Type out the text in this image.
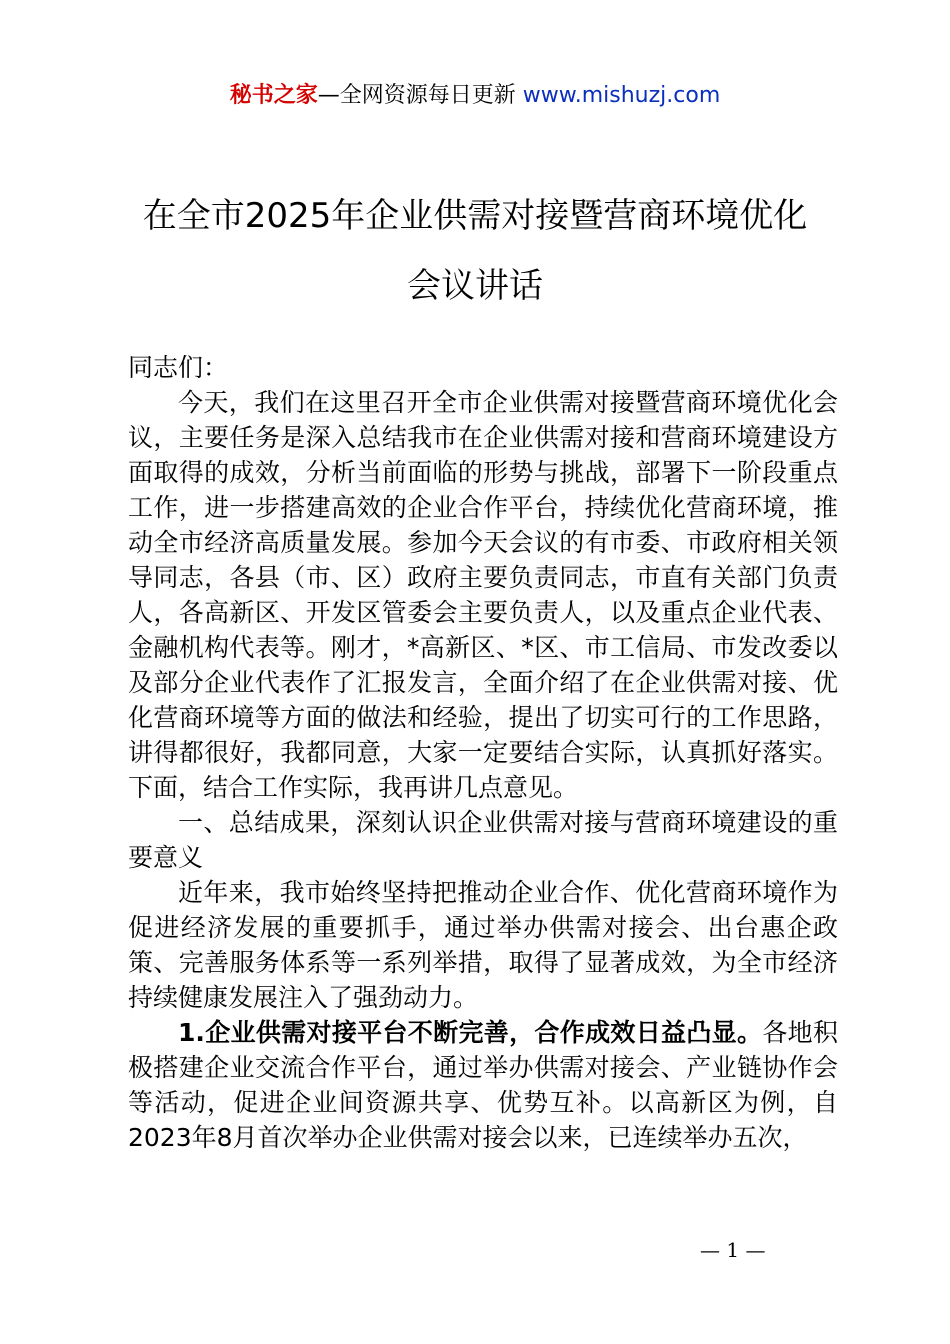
秘书之家—全网资源每日更新 www.mishuzj.com
在全市2025年企业供需对接暨营商环境优化
会议讲话

同志们：

今天，我们在这里召开全市企业供需对接暨营商环境优化会议，主要任务是深入总结我市在企业供需对接和营商环境建设方面取得的成效，分析当前面临的形势与挑战，部署下一阶段重点工作，进一步搭建高效的企业合作平台，持续优化营商环境，推动全市经济高质量发展。参加今天会议的有市委、市政府相关领导同志，各县（市、区）政府主要负责同志，市直有关部门负责人，各高新区、开发区管委会主要负责人，以及重点企业代表、金融机构代表等。刚才，*高新区、*区、市工信局、市发改委以及部分企业代表作了汇报发言，全面介绍了在企业供需对接、优化营商环境等方面的做法和经验，提出了切实可行的工作思路，讲得都很好，我都同意，大家一定要结合实际，认真抓好落实。下面，结合工作实际，我再讲几点意见。

一、总结成果，深刻认识企业供需对接与营商环境建设的重要意义

近年来，我市始终坚持把推动企业合作、优化营商环境作为促进经济发展的重要抓手，通过举办供需对接会、出台惠企政策、完善服务体系等一系列举措，取得了显著成效，为全市经济持续健康发展注入了强劲动力。

1.企业供需对接平台不断完善，合作成效日益凸显。各地积极搭建企业交流合作平台，通过举办供需对接会、产业链协作会等活动，促进企业间资源共享、优势互补。以高新区为例，自2023年8月首次举办企业供需对接会以来，已连续举办五次，

— 1 —
